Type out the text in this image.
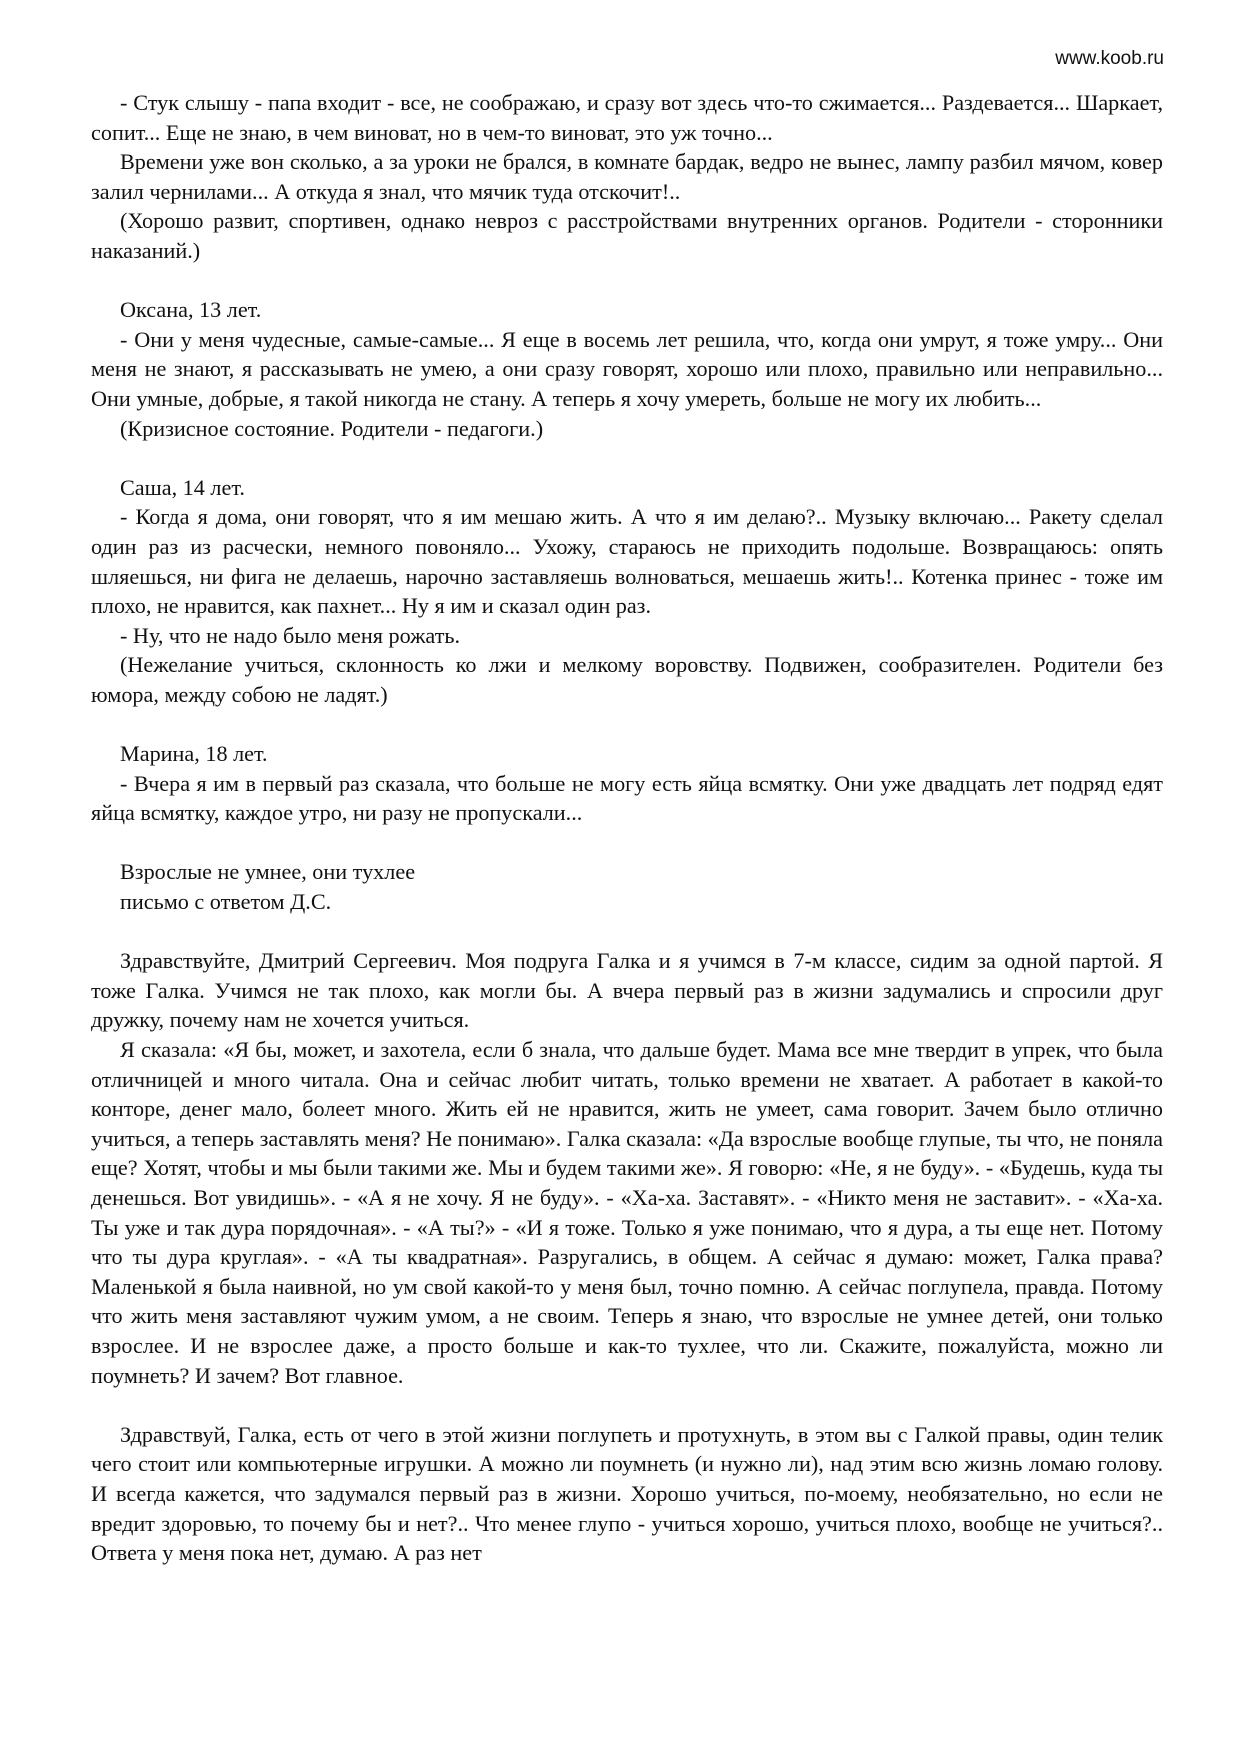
www.koob.ru

- Стук слышу - папа входит - все, не соображаю, и сразу вот здесь что-то сжимается... Раздевается... Шаркает, сопит... Еще не знаю, в чем виноват, но в чем-то виноват, это уж точно...

Времени уже вон сколько, а за уроки не брался, в комнате бардак, ведро не вынес, лампу разбил мячом, ковер залил чернилами... А откуда я знал, что мячик туда отскочит!..

(Хорошо развит, спортивен, однако невроз с расстройствами внутренних органов. Родители - сторонники наказаний.)

Оксана, 13 лет.

- Они у меня чудесные, самые-самые... Я еще в восемь лет решила, что, когда они умрут, я тоже умру... Они меня не знают, я рассказывать не умею, а они сразу говорят, хорошо или плохо, правильно или неправильно... Они умные, добрые, я такой никогда не стану. А теперь я хочу умереть, больше не могу их любить...

(Кризисное состояние. Родители - педагоги.)

Саша, 14 лет.

- Когда я дома, они говорят, что я им мешаю жить. А что я им делаю?.. Музыку включаю... Ракету сделал один раз из расчески, немного повоняло... Ухожу, стараюсь не приходить подольше. Возвращаюсь: опять шляешься, ни фига не делаешь, нарочно заставляешь волноваться, мешаешь жить!.. Котенка принес - тоже им плохо, не нравится, как пахнет... Ну я им и сказал один раз.

- Ну, что не надо было меня рожать.

(Нежелание учиться, склонность ко лжи и мелкому воровству. Подвижен, сообразителен. Родители без юмора, между собою не ладят.)

Марина, 18 лет.

- Вчера я им в первый раз сказала, что больше не могу есть яйца всмятку. Они уже двадцать лет подряд едят яйца всмятку, каждое утро, ни разу не пропускали...

Взрослые не умнее, они тухлее

письмо с ответом Д.С.

Здравствуйте, Дмитрий Сергеевич. Моя подруга Галка и я учимся в 7-м классе, сидим за одной партой. Я тоже Галка. Учимся не так плохо, как могли бы. А вчера первый раз в жизни задумались и спросили друг дружку, почему нам не хочется учиться.

Я сказала: «Я бы, может, и захотела, если б знала, что дальше будет. Мама все мне твердит в упрек, что была отличницей и много читала. Она и сейчас любит читать, только времени не хватает. А работает в какой-то конторе, денег мало, болеет много. Жить ей не нравится, жить не умеет, сама говорит. Зачем было отлично учиться, а теперь заставлять меня? Не понимаю». Галка сказала: «Да взрослые вообще глупые, ты что, не поняла еще? Хотят, чтобы и мы были такими же. Мы и будем такими же». Я говорю: «Не, я не буду». - «Будешь, куда ты денешься. Вот увидишь». - «А я не хочу. Я не буду». - «Ха-ха. Заставят». - «Никто меня не заставит». - «Ха-ха. Ты уже и так дура порядочная». - «А ты?» - «И я тоже. Только я уже понимаю, что я дура, а ты еще нет. Потому что ты дура круглая». - «А ты квадратная». Разругались, в общем. А сейчас я думаю: может, Галка права? Маленькой я была наивной, но ум свой какой-то у меня был, точно помню. А сейчас поглупела, правда. Потому что жить меня заставляют чужим умом, а не своим. Теперь я знаю, что взрослые не умнее детей, они только взрослее. И не взрослее даже, а просто больше и как-то тухлее, что ли. Скажите, пожалуйста, можно ли поумнеть? И зачем? Вот главное.

Здравствуй, Галка, есть от чего в этой жизни поглупеть и протухнуть, в этом вы с Галкой правы, один телик чего стоит или компьютерные игрушки. А можно ли поумнеть (и нужно ли), над этим всю жизнь ломаю голову. И всегда кажется, что задумался первый раз в жизни. Хорошо учиться, по-моему, необязательно, но если не вредит здоровью, то почему бы и нет?.. Что менее глупо - учиться хорошо, учиться плохо, вообще не учиться?.. Ответа у меня пока нет, думаю. А раз нет
